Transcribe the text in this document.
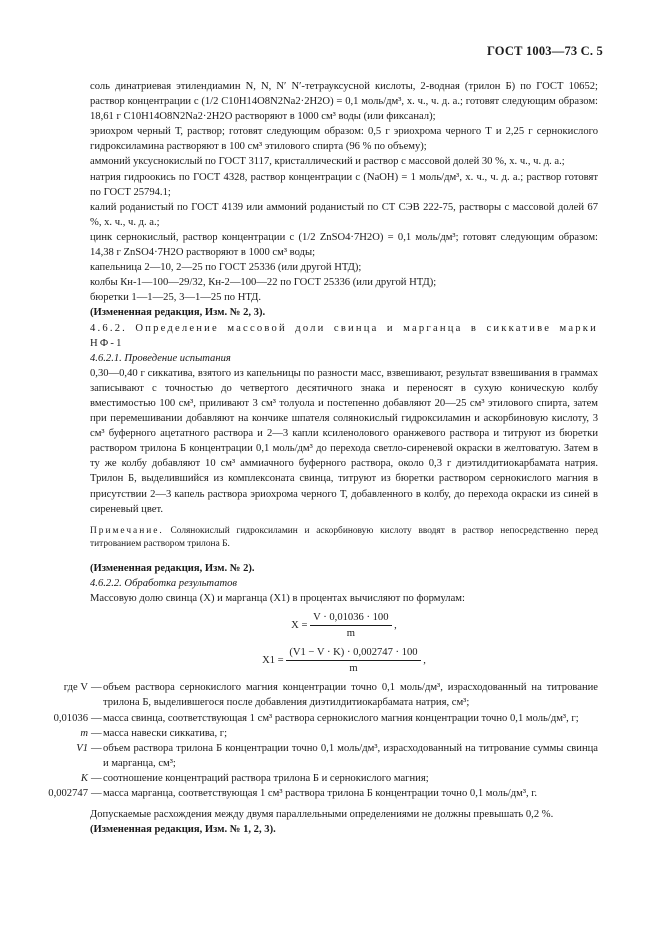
ГОСТ 1003—73 С. 5

соль динатриевая этилендиамин N, N, N′ N′-тетрауксусной кислоты, 2-водная (трилон Б) по ГОСТ 10652; раствор концентрации c (1/2 C10H14O8N2Na2·2H2O) = 0,1 моль/дм³, х. ч., ч. д. а.; готовят следующим образом: 18,61 г C10H14O8N2Na2·2H2O растворяют в 1000 см³ воды (или фиксанал);

эриохром черный Т, раствор; готовят следующим образом: 0,5 г эриохрома черного Т и 2,25 г сернокислого гидроксиламина растворяют в 100 см³ этилового спирта (96 % по объему);

аммоний уксуснокислый по ГОСТ 3117, кристаллический и раствор с массовой долей 30 %, х. ч., ч. д. а.;

натрия гидроокись по ГОСТ 4328, раствор концентрации c (NaOH) = 1 моль/дм³, х. ч., ч. д. а.; раствор готовят по ГОСТ 25794.1;

калий роданистый по ГОСТ 4139 или аммоний роданистый по СТ СЭВ 222-75, растворы с массовой долей 67 %, х. ч., ч. д. а.;

цинк сернокислый, раствор концентрации c (1/2 ZnSO4·7H2O) = 0,1 моль/дм³; готовят следующим образом: 14,38 г ZnSO4·7H2O растворяют в 1000 см³ воды;

капельница 2—10, 2—25 по ГОСТ 25336 (или другой НТД);

колбы Кн-1—100—29/32, Кн-2—100—22 по ГОСТ 25336 (или другой НТД);

бюретки 1—1—25, 3—1—25 по НТД.

(Измененная редакция, Изм. № 2, 3).

4.6.2. Определение массовой доли свинца и марганца в сиккативе марки НФ-1

4.6.2.1. Проведение испытания

0,30—0,40 г сиккатива, взятого из капельницы по разности масс, взвешивают, результат взвешивания в граммах записывают с точностью до четвертого десятичного знака и переносят в сухую коническую колбу вместимостью 100 см³, приливают 3 см³ толуола и постепенно добавляют 20—25 см³ этилового спирта, затем при перемешивании добавляют на кончике шпателя солянокислый гидроксиламин и аскорбиновую кислоту, 3 см³ буферного ацетатного раствора и 2—3 капли ксиленолового оранжевого раствора и титруют из бюретки раствором трилона Б концентрации 0,1 моль/дм³ до перехода светло-сиреневой окраски в желтоватую. Затем в ту же колбу добавляют 10 см³ аммиачного буферного раствора, около 0,3 г диэтилдитиокарбамата натрия. Трилон Б, выделившийся из комплексоната свинца, титруют из бюретки раствором сернокислого магния в присутствии 2—3 капель раствора эриохрома черного Т, добавленного в колбу, до перехода окраски из синей в сиреневый цвет.

Примечание. Солянокислый гидроксиламин и аскорбиновую кислоту вводят в раствор непосредственно перед титрованием раствором трилона Б.

(Измененная редакция, Изм. № 2).

4.6.2.2. Обработка результатов

Массовую долю свинца (X) и марганца (X1) в процентах вычисляют по формулам:

$X = \frac{V \cdot 0,01036 \cdot 100}{m}$ ,
$X1 = \frac{(V1 - V \cdot K) \cdot 0,002747 \cdot 100}{m}$ ,
где V — объем раствора сернокислого магния концентрации точно 0,1 моль/дм³, израсходованный на титрование трилона Б, выделившегося после добавления диэтилдитиокарбамата натрия, см³;
0,01036 — масса свинца, соответствующая 1 см³ раствора сернокислого магния концентрации точно 0,1 моль/дм³, г;
m — масса навески сиккатива, г;
V1 — объем раствора трилона Б концентрации точно 0,1 моль/дм³, израсходованный на титрование суммы свинца и марганца, см³;
K — соотношение концентраций раствора трилона Б и сернокислого магния;
0,002747 — масса марганца, соответствующая 1 см³ раствора трилона Б концентрации точно 0,1 моль/дм³, г.

Допускаемые расхождения между двумя параллельными определениями не должны превышать 0,2 %.

(Измененная редакция, Изм. № 1, 2, 3).
